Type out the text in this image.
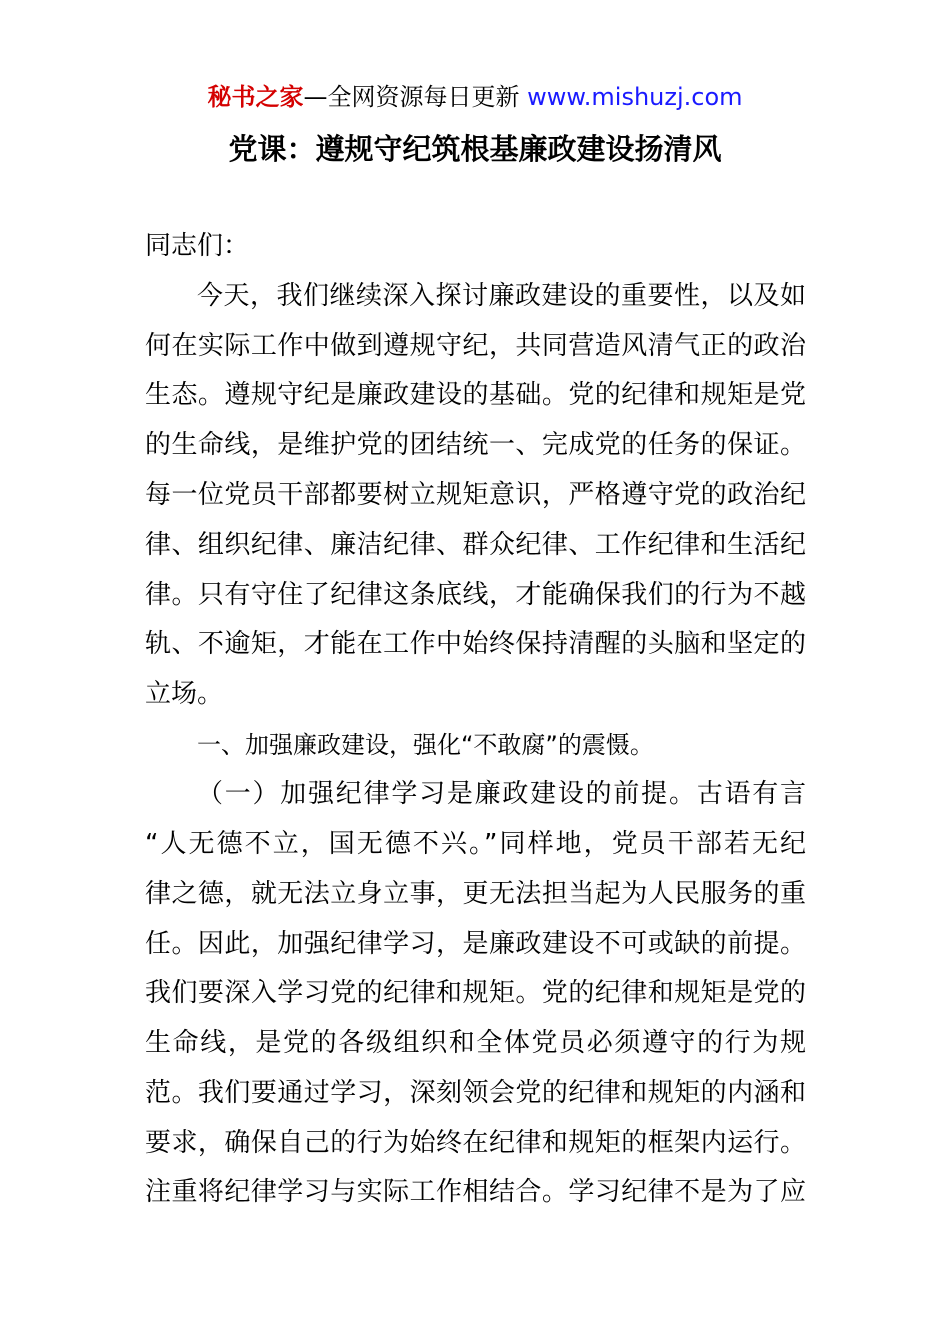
秘书之家—全网资源每日更新 www.mishuzj.com
党课：遵规守纪筑根基廉政建设扬清风
同志们：
今天，我们继续深入探讨廉政建设的重要性，以及如
何在实际工作中做到遵规守纪，共同营造风清气正的政治
生态。遵规守纪是廉政建设的基础。党的纪律和规矩是党
的生命线，是维护党的团结统一、完成党的任务的保证。
每一位党员干部都要树立规矩意识，严格遵守党的政治纪
律、组织纪律、廉洁纪律、群众纪律、工作纪律和生活纪
律。只有守住了纪律这条底线，才能确保我们的行为不越
轨、不逾矩，才能在工作中始终保持清醒的头脑和坚定的
立场。
一、加强廉政建设，强化“不敢腐”的震慑。
（一）加强纪律学习是廉政建设的前提。古语有言
“人无德不立，国无德不兴。”同样地，党员干部若无纪
律之德，就无法立身立事，更无法担当起为人民服务的重
任。因此，加强纪律学习，是廉政建设不可或缺的前提。
我们要深入学习党的纪律和规矩。党的纪律和规矩是党的
生命线，是党的各级组织和全体党员必须遵守的行为规
范。我们要通过学习，深刻领会党的纪律和规矩的内涵和
要求，确保自己的行为始终在纪律和规矩的框架内运行。
注重将纪律学习与实际工作相结合。学习纪律不是为了应
